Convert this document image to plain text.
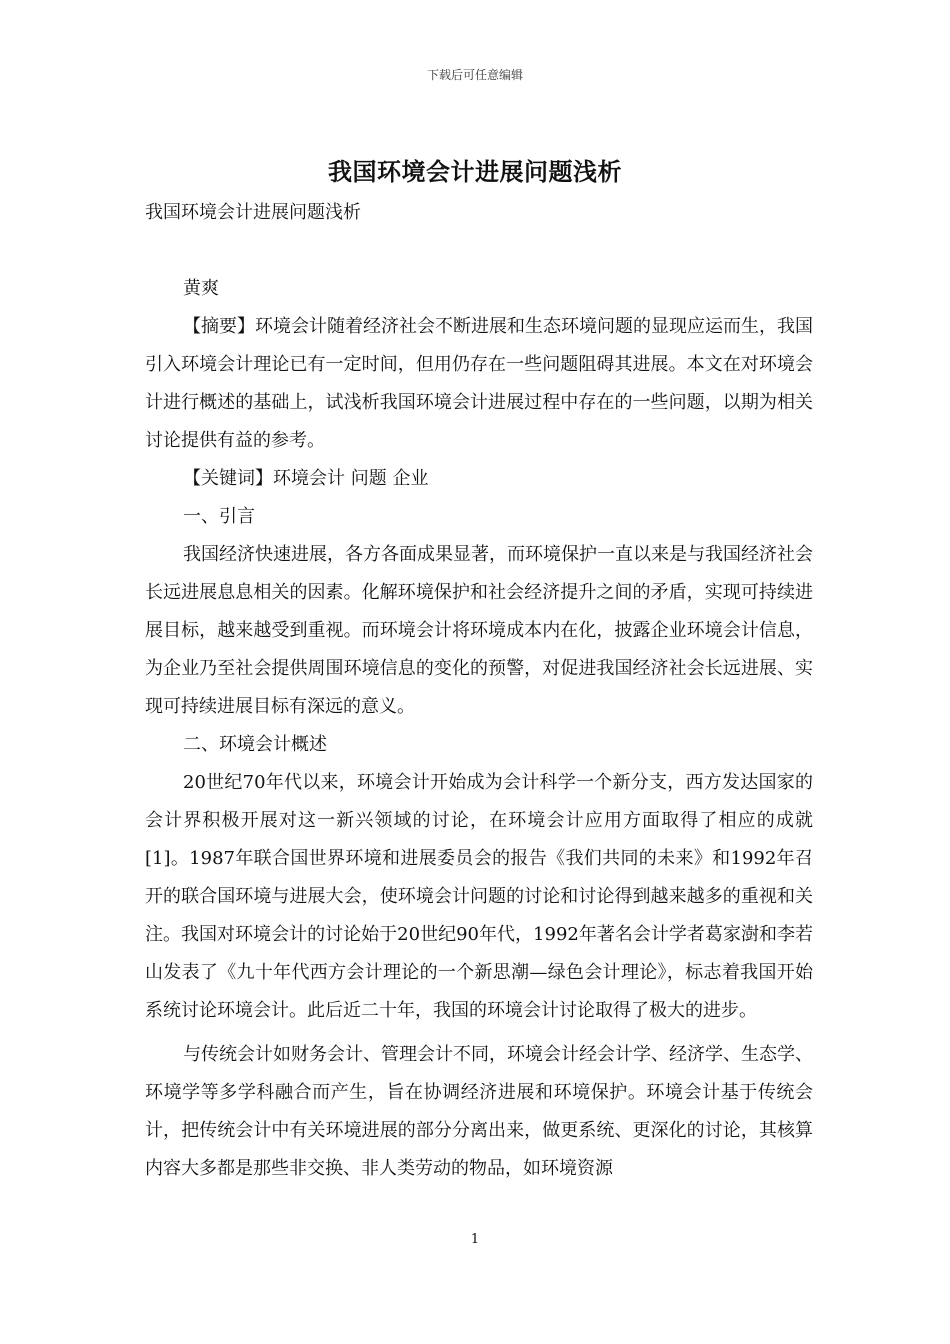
下载后可任意编辑
我国环境会计进展问题浅析

我国环境会计进展问题浅析

黄爽

【摘要】环境会计随着经济社会不断进展和生态环境问题的显现应运而生，我国引入环境会计理论已有一定时间，但用仍存在一些问题阻碍其进展。本文在对环境会计进行概述的基础上，试浅析我国环境会计进展过程中存在的一些问题，以期为相关讨论提供有益的参考。

【关键词】环境会计 问题 企业

一、引言

我国经济快速进展，各方各面成果显著，而环境保护一直以来是与我国经济社会长远进展息息相关的因素。化解环境保护和社会经济提升之间的矛盾，实现可持续进展目标，越来越受到重视。而环境会计将环境成本内在化，披露企业环境会计信息，为企业乃至社会提供周围环境信息的变化的预警，对促进我国经济社会长远进展、实现可持续进展目标有深远的意义。

二、环境会计概述

20世纪70年代以来，环境会计开始成为会计科学一个新分支，西方发达国家的会计界积极开展对这一新兴领域的讨论，在环境会计应用方面取得了相应的成就[1]。1987年联合国世界环境和进展委员会的报告《我们共同的未来》和1992年召开的联合国环境与进展大会，使环境会计问题的讨论和讨论得到越来越多的重视和关注。我国对环境会计的讨论始于20世纪90年代，1992年著名会计学者葛家澍和李若山发表了《九十年代西方会计理论的一个新思潮—绿色会计理论》，标志着我国开始系统讨论环境会计。此后近二十年，我国的环境会计讨论取得了极大的进步。

与传统会计如财务会计、管理会计不同，环境会计经会计学、经济学、生态学、环境学等多学科融合而产生，旨在协调经济进展和环境保护。环境会计基于传统会计，把传统会计中有关环境进展的部分分离出来，做更系统、更深化的讨论，其核算内容大多都是那些非交换、非人类劳动的物品，如环境资源

1
